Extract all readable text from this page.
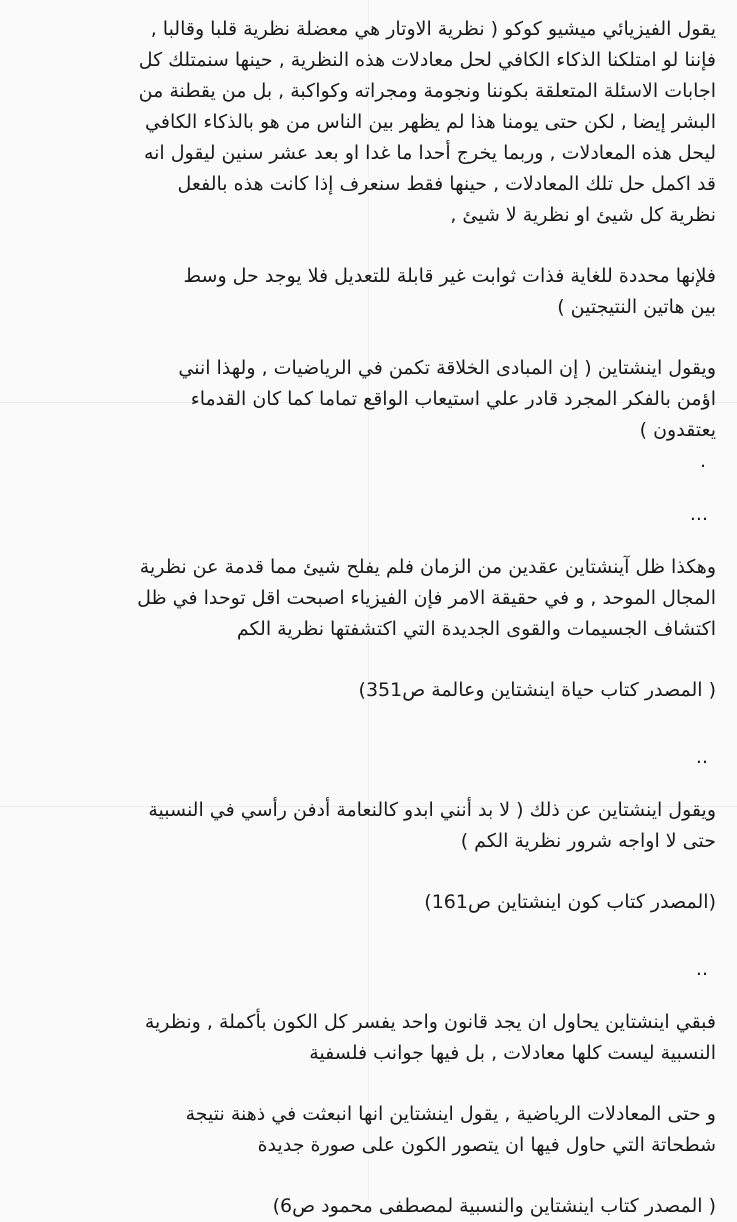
يقول الفيزيائي ميشيو كوكو ( نظرية الاوتار هي معضلة نظرية قلبا وقالبا ,
فإننا لو امتلكنا الذكاء الكافي لحل معادلات هذه النظرية , حينها سنمتلك كل
اجابات الاسئلة المتعلقة بكوننا ونجومة ومجراته وكواكبة , بل من يقطنة من
البشر إيضا , لكن حتى يومنا هذا لم يظهر بين الناس من هو بالذكاء الكافي
ليحل هذه المعادلات , وربما يخرج أحدا ما غدا او بعد عشر سنين ليقول انه
قد اكمل حل تلك المعادلات , حينها فقط سنعرف إذا كانت هذه بالفعل
نظرية كل شيئ او نظرية لا شيئ ,

فلإنها محددة للغاية فذات ثوابت غير قابلة للتعديل فلا يوجد حل وسط
بين هاتين النتيجتين )

ويقول اينشتاين ( إن المبادى الخلاقة تكمن في الرياضيات , ولهذا انني
اؤمن بالفكر المجرد قادر علي استيعاب الواقع تماما كما كان القدماء
يعتقدون )

.

...

وهكذا ظل آينشتاين عقدين من الزمان فلم يفلح شيئ مما قدمة عن نظرية
المجال الموحد , و في حقيقة الامر فإن الفيزياء اصبحت اقل توحدا في ظل
اكتشاف الجسيمات والقوى الجديدة التي اكتشفتها نظرية الكم

( المصدر كتاب حياة اينشتاين وعالمة ص351)

..

ويقول اينشتاين عن ذلك ( لا بد أنني ابدو كالنعامة أدفن رأسي في النسبية
حتى لا اواجه شرور نظرية الكم )

(المصدر كتاب كون اينشتاين ص161)

..

فبقي اينشتاين يحاول ان يجد قانون واحد يفسر كل الكون بأكملة , ونظرية
النسبية ليست كلها معادلات , بل فيها جوانب فلسفية

و حتى المعادلات الرياضية , يقول اينشتاين انها انبعثت في ذهنة نتيجة
شطحاتة التي حاول فيها ان يتصور الكون على صورة جديدة

( المصدر كتاب اينشتاين والنسبية لمصطفى محمود ص6)
